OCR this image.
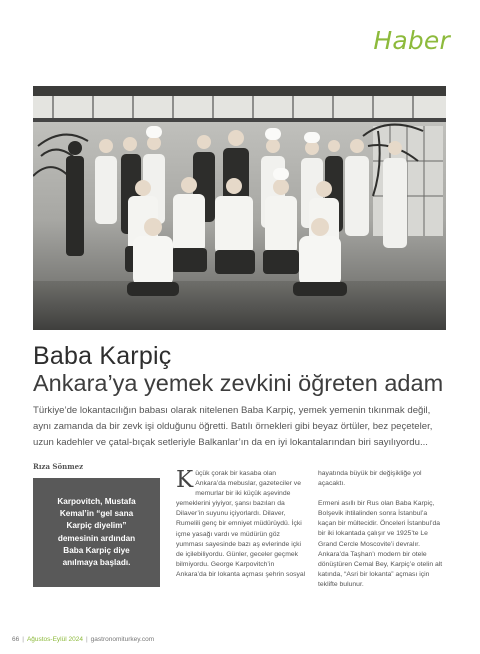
Haber
Baba Karpiç
Ankara’ya yemek zevkini öğreten adam

Türkiye’de lokantacılığın babası olarak nitelenen Baba Karpiç, yemek yemenin tıkınmak değil, aynı zamanda da bir zevk işi olduğunu öğretti. Batılı örnekleri gibi beyaz örtüler, bez peçeteler, uzun kadehler ve çatal-bıçak setleriyle Balkanlar’ın da en iyi lokantalarından biri sayılıyordu...

Rıza Sönmez
Karpovitch, Mustafa Kemal’in “gel sana Karpiç diyelim” demesinin ardından Baba Karpiç diye anılmaya başladı.

Küçük çorak bir kasaba olan Ankara’da mebuslar, gazeteciler ve memurlar bir iki küçük aşevinde yemeklerini yiyiyor, şansı bazıları da Dilaver’in suyunu içiyorlardı. Dilaver, Rumelili genç bir emniyet müdürüydü. İçki içme yasağı vardı ve müdürün göz yumması sayesinde bazı aş evlerinde içki de içilebiliyordu. Günler, geceler geçmek bilmiyordu. George Karpovitch’in Ankara’da bir lokanta açması şehrin sosyal

hayatında büyük bir değişikliğe yol açacaktı.

Ermeni asıllı bir Rus olan Baba Karpiç, Bolşevik ihtilalinden sonra İstanbul’a kaçan bir mültecidir. Önceleri İstanbul’da bir iki lokantada çalışır ve 1925’te Le Grand Cercle Moscovite’i devralır. Ankara’da Taşhan’ı modern bir otele dönüştüren Cemal Bey, Karpiç’e otelin alt katında, “Asri bir lokanta” açması için teklifte bulunur.

66 | Ağustos-Eylül 2024 | gastronomiturkey.com
